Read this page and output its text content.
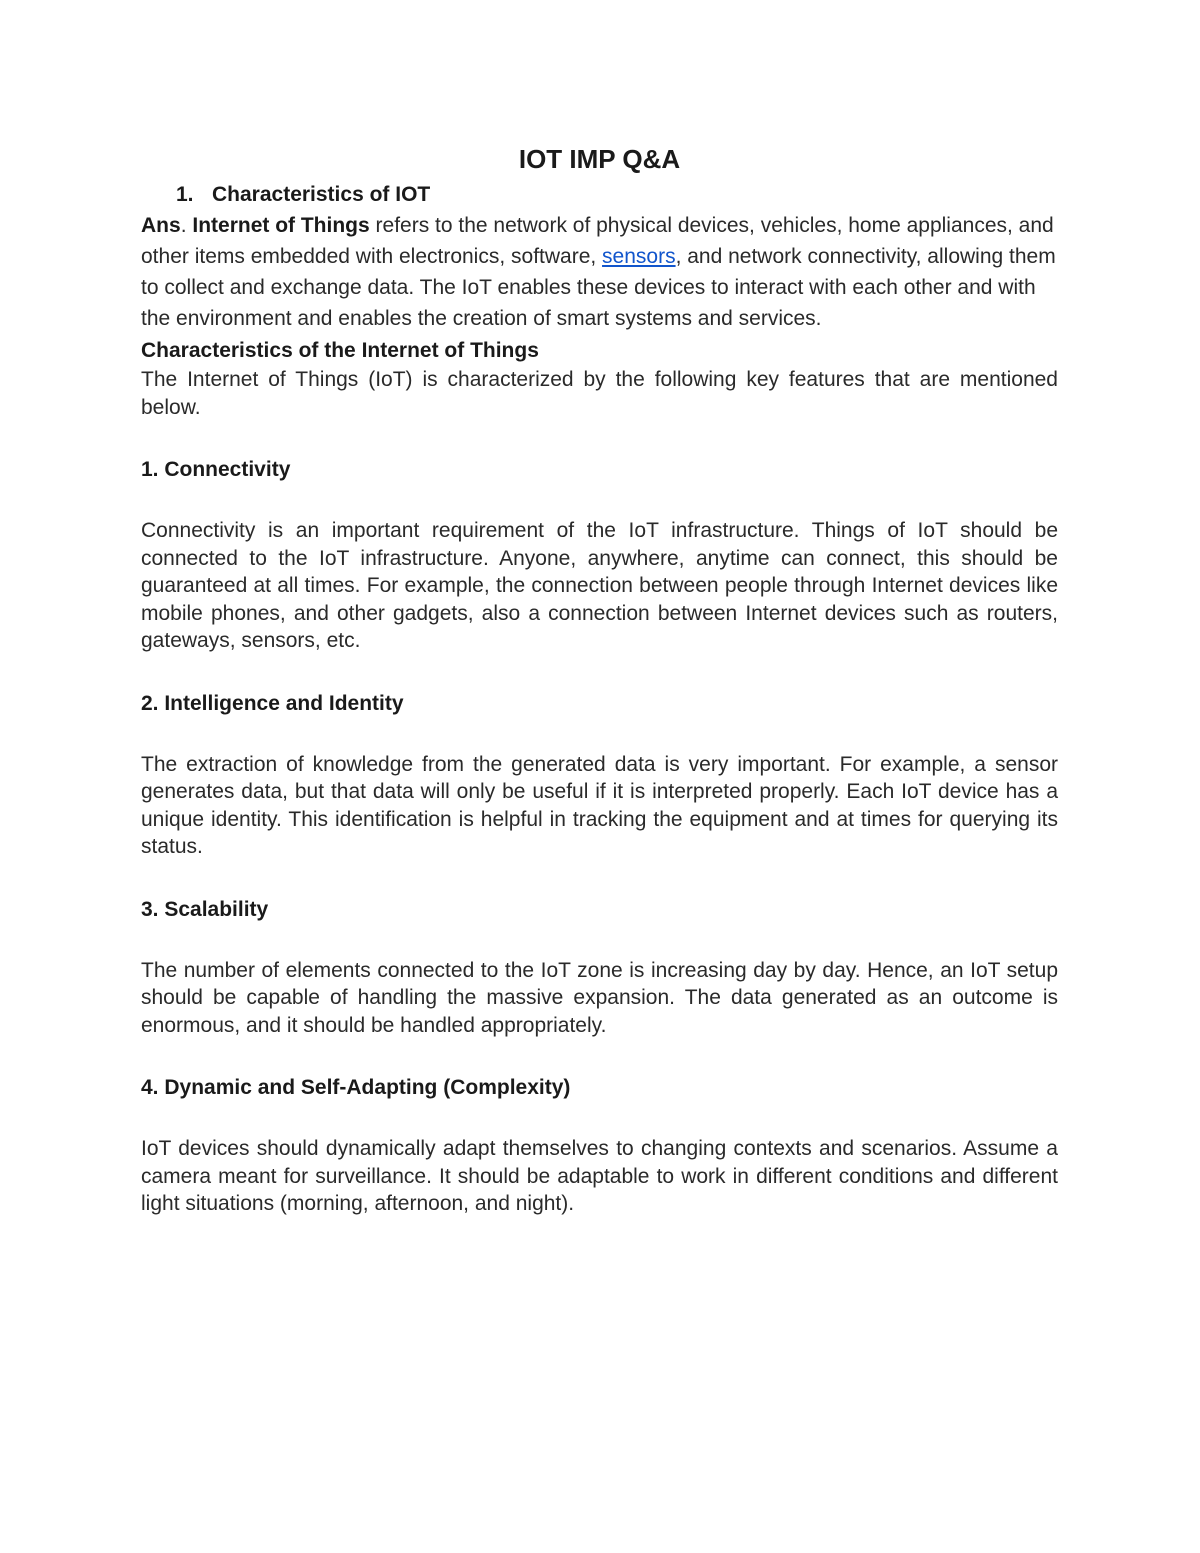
IOT IMP Q&A

1. Characteristics of IOT

Ans. Internet of Things refers to the network of physical devices, vehicles, home appliances, and other items embedded with electronics, software, sensors, and network connectivity, allowing them to collect and exchange data. The IoT enables these devices to interact with each other and with the environment and enables the creation of smart systems and services.

Characteristics of the Internet of Things

The Internet of Things (IoT) is characterized by the following key features that are mentioned below.

1. Connectivity

Connectivity is an important requirement of the IoT infrastructure. Things of IoT should be connected to the IoT infrastructure. Anyone, anywhere, anytime can connect, this should be guaranteed at all times. For example, the connection between people through Internet devices like mobile phones, and other gadgets, also a connection between Internet devices such as routers, gateways, sensors, etc.

2. Intelligence and Identity

The extraction of knowledge from the generated data is very important. For example, a sensor generates data, but that data will only be useful if it is interpreted properly. Each IoT device has a unique identity. This identification is helpful in tracking the equipment and at times for querying its status.

3. Scalability

The number of elements connected to the IoT zone is increasing day by day. Hence, an IoT setup should be capable of handling the massive expansion. The data generated as an outcome is enormous, and it should be handled appropriately.

4. Dynamic and Self-Adapting (Complexity)

IoT devices should dynamically adapt themselves to changing contexts and scenarios. Assume a camera meant for surveillance. It should be adaptable to work in different conditions and different light situations (morning, afternoon, and night).
